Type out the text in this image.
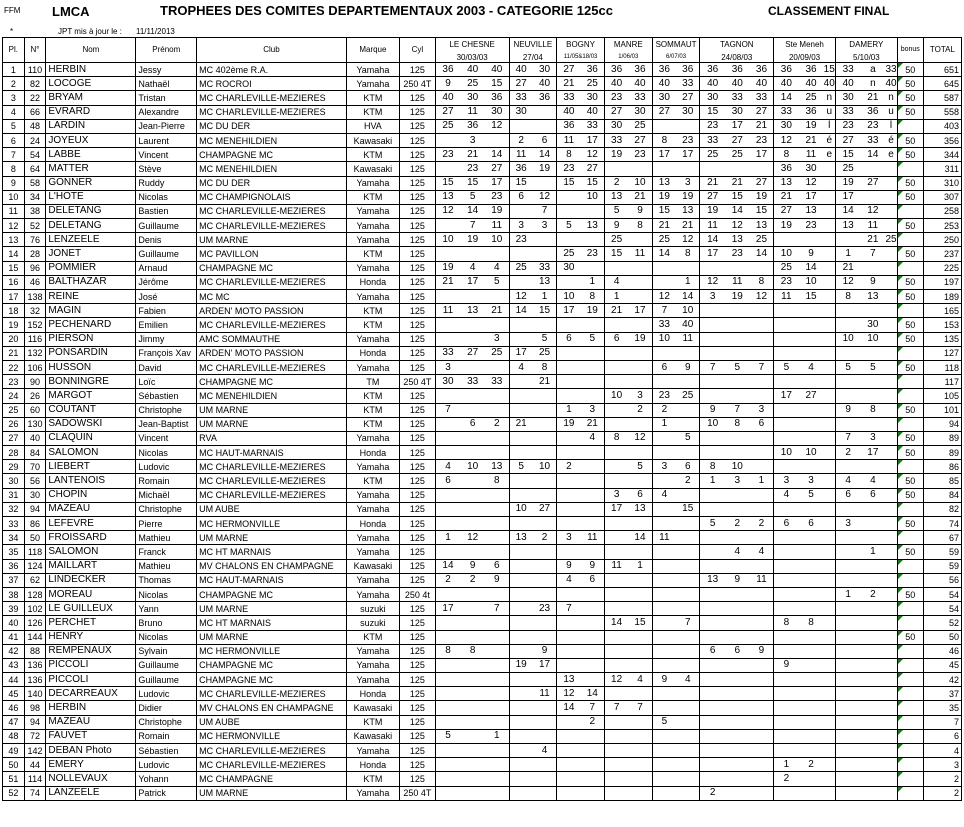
FFM LMCA	TROPHEES DES COMITES DEPARTEMENTAUX 2003 - CATEGORIE 125cc	CLASSEMENT FINAL
*	JPT mis à jour le : 11/11/2013
Pl.	N°	Nom	Prénom	Club	Marque	Cyl	LE CHESNE			NEUVILLE		BOGNY		MANRE		SOMMAUT		TAGNON			Ste Meneh			DAMERY			bonus	TOTAL
							30/03/03			27/04		11/05&18/03		1/06/03		6/07/03		24/08/03			20/09/03			5/10/03				
1	110	HERBIN	Jessy	MC 402ème R.A.	Yamaha	125	36	40	40	40	30	27	36	36	36	36	36	36	36	36	36	36	15	33	a	33	50	651
2	82	LOCOGE	Nathaël	MC ROCROI	Yamaha	250 4T	9	25	15	27	40	21	25	40	40	40	33	40	40	40	40	40	40	40	n	40	50	645
3	22	BRYAM	Tristan	MC CHARLEVILLE-MEZIERES	KTM	125	40	30	36	33	36	33	30	23	33	30	27	30	33	33	14	25	n	30	21	n	50	587
4	66	EVRARD	Alexandre	MC CHARLEVILLE-MEZIERES	KTM	125	27	11	30	30		40	40	27	30	27	30	15	30	27	33	36	u	33	36	u	50	558
5	48	LARDIN	Jean-Pierre	MC DU DER	HVA	125	25	36	12			36	33	30	25			23	17	21	30	19	l	23	23	l		403
6	24	JOYEUX	Laurent	MC MENEHILDIEN	Kawasaki	125		3		2	6	11	17	33	27	8	23	33	27	23	12	21	é	27	33	é	50	356
7	54	LABBE	Vincent	CHAMPAGNE MC	KTM	125	23	21	14	11	14	8	12	19	23	17	17	25	25	17	8	11	e	15	14	e	50	344
8	64	MATTER	Stève	MC MENEHILDIEN	Kawasaki	125		23	27	36	19	23	27								36	30		25				311
9	58	GONNER	Ruddy	MC DU DER	Yamaha	125	15	15	17	15		15	15	2	10	13	3	21	21	27	13	12		19	27		50	310
10	34	L'HOTE	Nicolas	MC CHAMPIGNOLAIS	KTM	125	13	5	23	6	12		10	13	21	19	19	27	15	19	21	17		17			50	307
11	38	DELETANG	Bastien	MC CHARLEVILLE-MEZIERES	Yamaha	125	12	14	19		7			5	9	15	13	19	14	15	27	13		14	12			258
12	52	DELETANG	Guillaume	MC CHARLEVILLE-MEZIERES	Yamaha	125		7	11	3	3	5	13	9	8	21	21	11	12	13	19	23		13	11		50	253
13	76	LENZEELE	Denis	UM MARNE	Yamaha	125	10	19	10	23				25		25	12	14	13	25					21	25		250
14	28	JONET	Guillaume	MC PAVILLON	KTM	125						25	23	15	11	14	8	17	23	14	10	9		1	7		50	237
15	96	POMMIER	Arnaud	CHAMPAGNE MC	Yamaha	125	19	4	4	25	33	30									25	14		21				225
16	46	BALTHAZAR	Jérôme	MC CHARLEVILLE-MEZIERES	Honda	125	21	17	5		13		1	4			1	12	11	8	23	10		12	9		50	197
17	138	REINE	José	MC MC	Yamaha	125				12	1	10	8	1		12	14	3	19	12	11	15		8	13		50	189
18	32	MAGIN	Fabien	ARDEN' MOTO PASSION	KTM	125	11	13	21	14	15	17	19	21	17	7	10											165
19	152	PECHENARD	Emilien	MC CHARLEVILLE-MEZIERES	KTM	125										33	40								30		50	153
20	116	PIERSON	Jimmy	AMC SOMMAUTHE	Yamaha	125			3		5	6	5	6	19	10	11							10	10		50	135
21	132	PONSARDIN	François Xav	ARDEN' MOTO PASSION	Honda	125	33	27	25	17	25																	127
22	106	HUSSON	David	MC CHARLEVILLE-MEZIERES	Yamaha	125	3			4	8					6	9	7	5	7	5	4		5	5		50	118
23	90	BONNINGRE	Loïc	CHAMPAGNE MC	TM	250 4T	30	33	33		21																	117
24	26	MARGOT	Sébastien	MC MENEHILDIEN	KTM	125								10	3	23	25				17	27						105
25	60	COUTANT	Christophe	UM MARNE	KTM	125	7					1	3		2	2		9	7	3				9	8		50	101
26	130	SADOWSKI	Jean-Baptist	UM MARNE	KTM	125		6	2	21		19	21			1		10	8	6								94
27	40	CLAQUIN	Vincent	RVA	Yamaha	125							4	8	12		5							7	3		50	89
28	84	SALOMON	Nicolas	MC HAUT-MARNAIS	Honda	125															10	10		2	17		50	89
29	70	LIEBERT	Ludovic	MC CHARLEVILLE-MEZIERES	Yamaha	125	4	10	13	5	10	2			5	3	6	8	10									86
30	56	LANTENOIS	Romain	MC CHARLEVILLE-MEZIERES	KTM	125	6		8								2	1	3	1	3	3		4	4		50	85
31	30	CHOPIN	Michaël	MC CHARLEVILLE-MEZIERES	Yamaha	125								3	6	4					4	5		6	6		50	84
32	94	MAZEAU	Christophe	UM AUBE	Yamaha	125				10	27			17	13		15											82
33	86	LEFEVRE	Pierre	MC HERMONVILLE	Honda	125												5	2	2	6	6		3			50	74
34	50	FROISSARD	Mathieu	UM MARNE	Yamaha	125	1	12		13	2	3	11		14	11												67
35	118	SALOMON	Franck	MC HT MARNAIS	Yamaha	125													4	4					1		50	59
36	124	MAILLART	Mathieu	MV CHALONS EN CHAMPAGNE	Kawasaki	125	14	9	6			9	9	11	1													59
37	62	LINDECKER	Thomas	MC HAUT-MARNAIS	Yamaha	125	2	2	9			4	6					13	9	11								56
38	128	MOREAU	Nicolas	CHAMPAGNE MC	Yamaha	250 4t																		1	2		50	54
39	102	LE GUILLEUX	Yann	UM MARNE	suzuki	125	17		7		23	7																54
40	126	PERCHET	Bruno	MC HT MARNAIS	suzuki	125								14	15		7				8	8						52
41	144	HENRY	Nicolas	UM MARNE	KTM	125																					50	50
42	88	REMPENAUX	Sylvain	MC HERMONVILLE	Yamaha	125	8	8			9							6	6	9								46
43	136	PICCOLI	Guillaume	CHAMPAGNE MC	Yamaha	125				19	17										9							45
44	136	PICCOLI	Guillaume	CHAMPAGNE MC	Yamaha	125						13		12	4	9	4											42
45	140	DECARREAUX	Ludovic	MC CHARLEVILLE-MEZIERES	Honda	125					11	12	14															37
46	98	HERBIN	Didier	MV CHALONS EN CHAMPAGNE	Kawasaki	125						14	7	7	7													35
47	94	MAZEAU	Christophe	UM AUBE	KTM	125							2			5												7
48	72	FAUVET	Romain	MC HERMONVILLE	Kawasaki	125	5		1																			6
49	142	DEBAN Photo	Sébastien	MC CHARLEVILLE-MEZIERES	Yamaha	125					4																	4
50	44	EMERY	Ludovic	MC CHARLEVILLE-MEZIERES	Honda	125															1	2						3
51	114	NOLLEVAUX	Yohann	MC CHAMPAGNE	KTM	125															2							2
52	74	LANZEELE	Patrick	UM MARNE	Yamaha	250 4T												2										2
